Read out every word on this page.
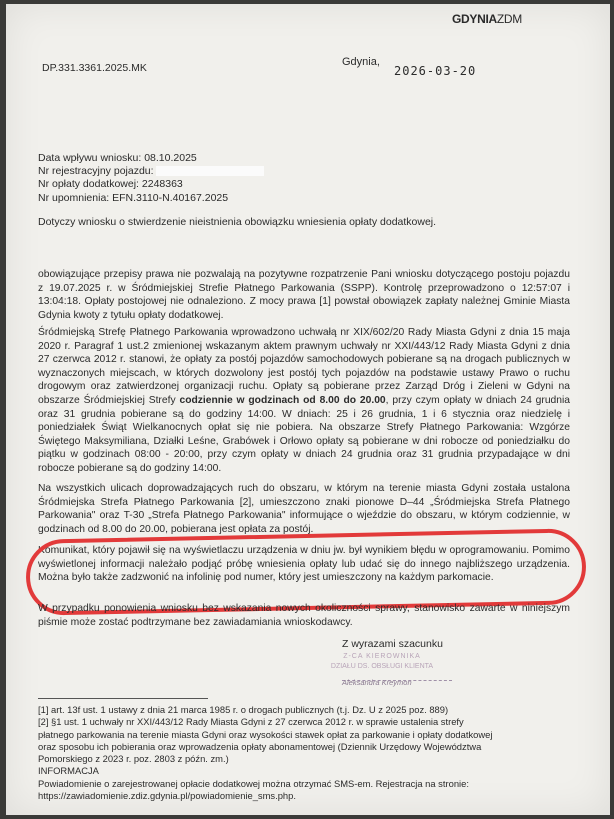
GDYNIAZDM
DP.331.3361.2025.MK	Gdynia,
2026-03-20
Data wpływu wniosku: 08.10.2025
Nr rejestracyjny pojazdu:
Nr opłaty dodatkowej: 2248363
Nr upomnienia: EFN.3110-N.40167.2025
Dotyczy wniosku o stwierdzenie nieistnienia obowiązku wniesienia opłaty dodatkowej.
obowiązujące przepisy prawa nie pozwalają na pozytywne rozpatrzenie Pani wniosku dotyczącego postoju pojazdu z 19.07.2025 r. w Śródmiejskiej Strefie Płatnego Parkowania (SSPP). Kontrolę przeprowadzono o 12:57:07 i 13:04:18. Opłaty postojowej nie odnaleziono. Z mocy prawa [1] powstał obowiązek zapłaty należnej Gminie Miasta Gdynia kwoty z tytułu opłaty dodatkowej.
Śródmiejską Strefę Płatnego Parkowania wprowadzono uchwałą nr XIX/602/20 Rady Miasta Gdyni z dnia 15 maja 2020 r. Paragraf 1 ust.2 zmienionej wskazanym aktem prawnym uchwały nr XXI/443/12 Rady Miasta Gdyni z dnia 27 czerwca 2012 r. stanowi, że opłaty za postój pojazdów samochodowych pobierane są na drogach publicznych w wyznaczonych miejscach, w których dozwolony jest postój tych pojazdów na podstawie ustawy Prawo o ruchu drogowym oraz zatwierdzonej organizacji ruchu. Opłaty są pobierane przez Zarząd Dróg i Zieleni w Gdyni na obszarze Śródmiejskiej Strefy codziennie w godzinach od 8.00 do 20.00, przy czym opłaty w dniach 24 grudnia oraz 31 grudnia pobierane są do godziny 14:00. W dniach: 25 i 26 grudnia, 1 i 6 stycznia oraz niedzielę i poniedziałek Świąt Wielkanocnych opłat się nie pobiera. Na obszarze Strefy Płatnego Parkowania: Wzgórze Świętego Maksymiliana, Działki Leśne, Grabówek i Orłowo opłaty są pobierane w dni robocze od poniedziałku do piątku w godzinach 08:00 - 20:00, przy czym opłaty w dniach 24 grudnia oraz 31 grudnia przypadające w dni robocze pobierane są do godziny 14:00.
Na wszystkich ulicach doprowadzających ruch do obszaru, w którym na terenie miasta Gdyni została ustalona Śródmiejska Strefa Płatnego Parkowania [2], umieszczono znaki pionowe D–44 „Śródmiejska Strefa Płatnego Parkowania" oraz T-30 „Strefa Płatnego Parkowania" informujące o wjeździe do obszaru, w którym codziennie, w godzinach od 8.00 do 20.00, pobierana jest opłata za postój.
Komunikat, który pojawił się na wyświetlaczu urządzenia w dniu jw. był wynikiem błędu w oprogramowaniu. Pomimo wyświetlonej informacji należało podjąć próbę wniesienia opłaty lub udać się do innego najbliższego urządzenia. Można było także zadzwonić na infolinię pod numer, który jest umieszczony na każdym parkomacie.
W przypadku ponowienia wniosku bez wskazania nowych okoliczności sprawy, stanowisko zawarte w niniejszym piśmie może zostać podtrzymane bez zawiadamiania wnioskodawcy.
Z wyrazami szacunku
Z-CA KIEROWNIKA
DZIAŁU DS. OBSŁUGI KLIENTA
Aleksandra Kreymon
[1] art. 13f ust. 1 ustawy z dnia 21 marca 1985 r. o drogach publicznych (t.j. Dz. U z 2025 poz. 889)
[2] §1 ust. 1 uchwały nr XXI/443/12 Rady Miasta Gdyni z 27 czerwca 2012 r. w sprawie ustalenia strefy
płatnego parkowania na terenie miasta Gdyni oraz wysokości stawek opłat za parkowanie i opłaty dodatkowej
oraz sposobu ich pobierania oraz wprowadzenia opłaty abonamentowej (Dziennik Urzędowy Województwa
Pomorskiego z 2023 r. poz. 2803 z późn. zm.)
INFORMACJA
Powiadomienie o zarejestrowanej opłacie dodatkowej można otrzymać SMS-em. Rejestracja na stronie:
https://zawiadomienie.zdiz.gdynia.pl/powiadomienie_sms.php.
